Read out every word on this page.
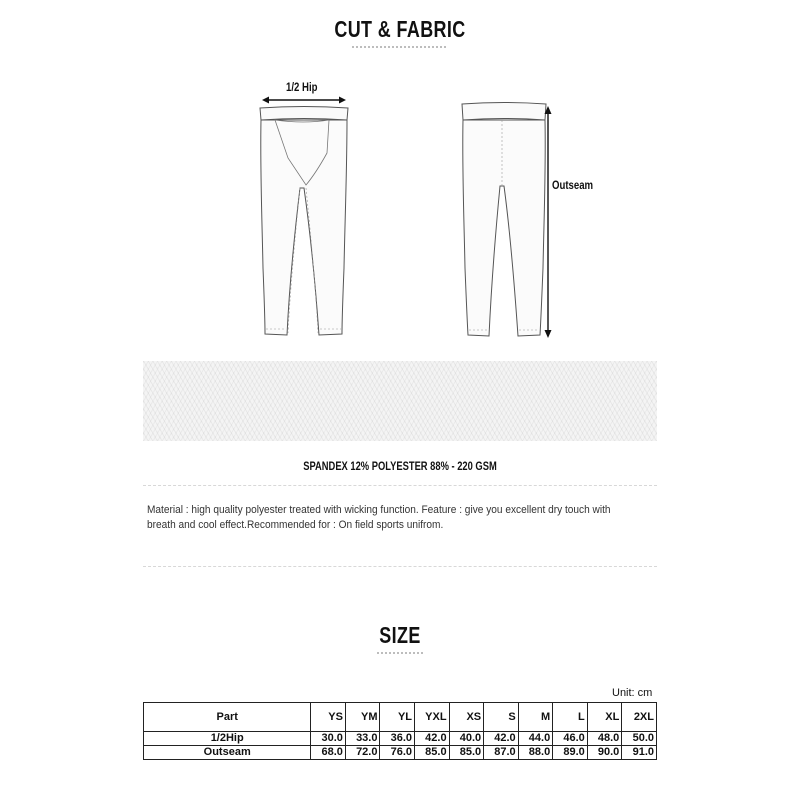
CUT & FABRIC
1/2 Hip
Outseam
SPANDEX 12% POLYESTER 88% - 220 GSM
Material : high quality polyester treated with wicking function. Feature : give you excellent dry touch with breath and cool effect.Recommended for : On field sports unifrom.
SIZE
Unit: cm
Part	YS	YM	YL	YXL	XS	S	M	L	XL	2XL
1/2Hip	30.0	33.0	36.0	42.0	40.0	42.0	44.0	46.0	48.0	50.0
Outseam	68.0	72.0	76.0	85.0	85.0	87.0	88.0	89.0	90.0	91.0
